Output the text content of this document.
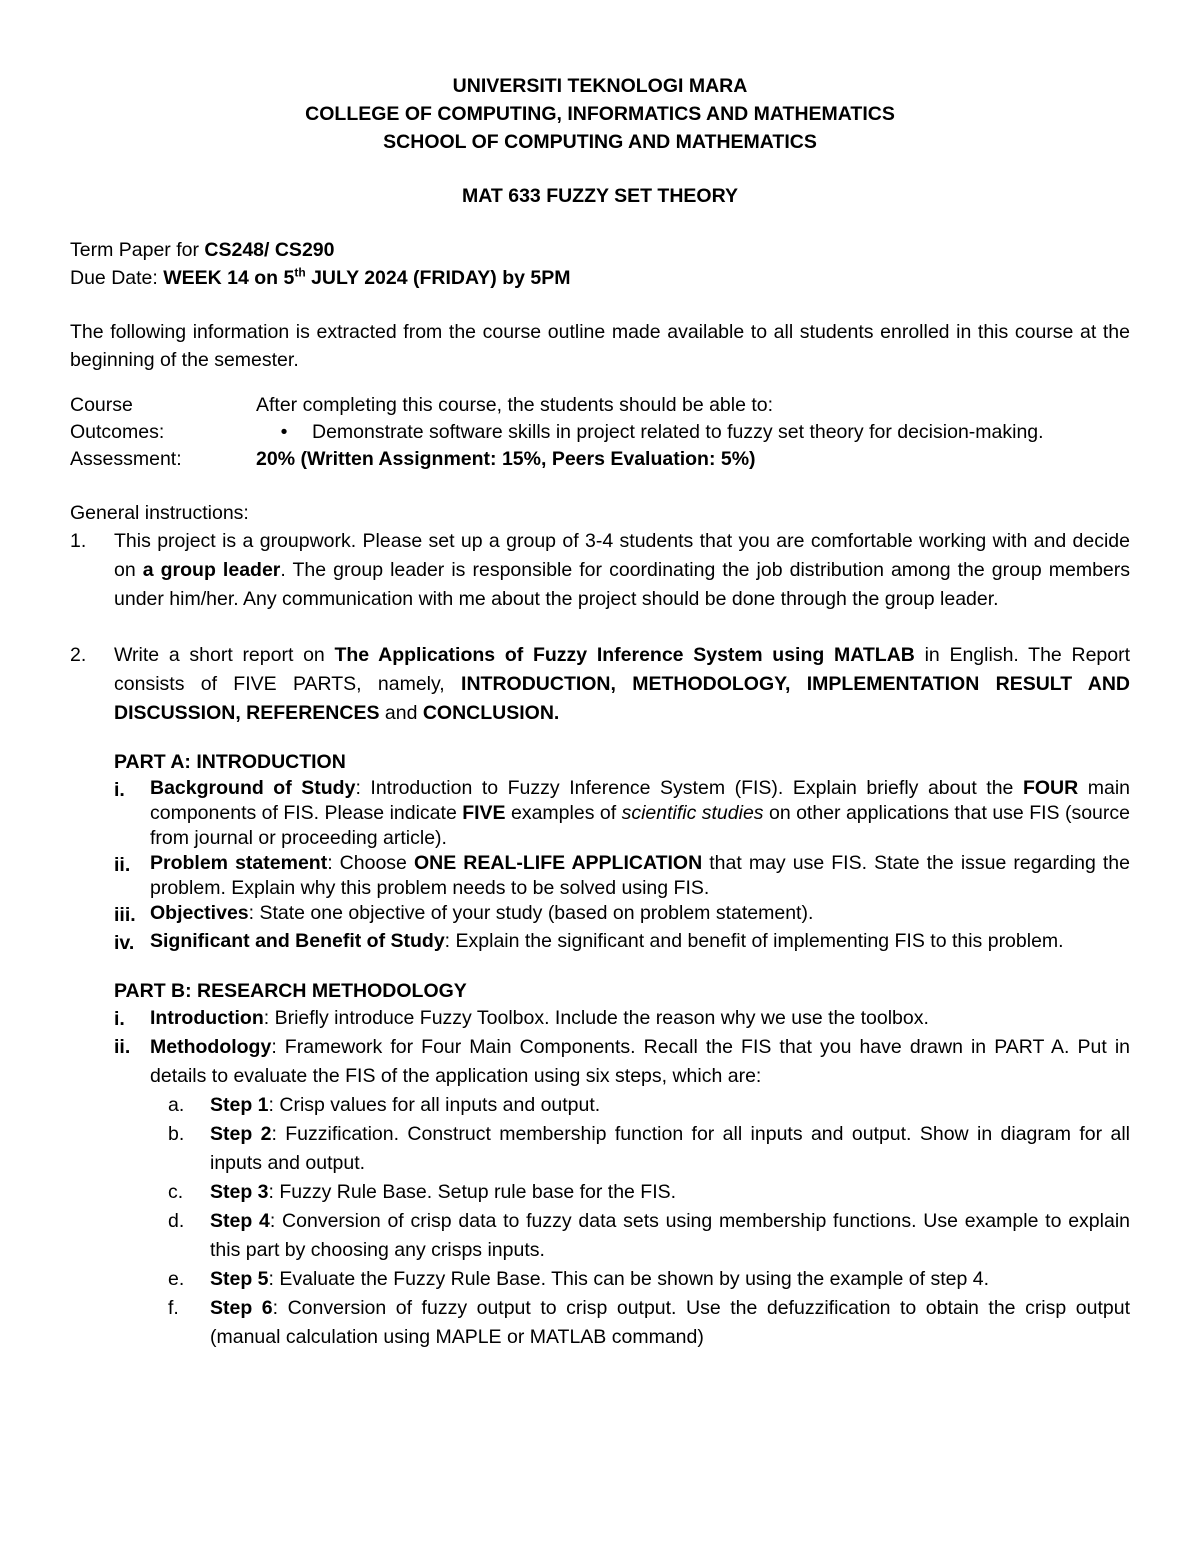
UNIVERSITI TEKNOLOGI MARA
COLLEGE OF COMPUTING, INFORMATICS AND MATHEMATICS
SCHOOL OF COMPUTING AND MATHEMATICS
MAT 633 FUZZY SET THEORY
Term Paper for CS248/ CS290
Due Date: WEEK 14 on 5th JULY 2024 (FRIDAY) by 5PM
The following information is extracted from the course outline made available to all students enrolled in this course at the beginning of the semester.
Course	After completing this course, the students should be able to:
Outcomes:	• Demonstrate software skills in project related to fuzzy set theory for decision-making.

Assessment:	20% (Written Assignment: 15%, Peers Evaluation: 5%)
General instructions:
1.	This project is a groupwork. Please set up a group of 3-4 students that you are comfortable working with and decide on a group leader. The group leader is responsible for coordinating the job distribution among the group members under him/her. Any communication with me about the project should be done through the group leader.
2.	Write a short report on The Applications of Fuzzy Inference System using MATLAB in English. The Report consists of FIVE PARTS, namely, INTRODUCTION, METHODOLOGY, IMPLEMENTATION RESULT AND DISCUSSION, REFERENCES and CONCLUSION.
PART A: INTRODUCTION
i.	Background of Study: Introduction to Fuzzy Inference System (FIS). Explain briefly about the FOUR main components of FIS. Please indicate FIVE examples of scientific studies on other applications that use FIS (source from journal or proceeding article).
ii.	Problem statement: Choose ONE REAL-LIFE APPLICATION that may use FIS. State the issue regarding the problem. Explain why this problem needs to be solved using FIS.
iii. Objectives: State one objective of your study (based on problem statement).
iv. Significant and Benefit of Study: Explain the significant and benefit of implementing FIS to this problem.
PART B: RESEARCH METHODOLOGY
i.	Introduction: Briefly introduce Fuzzy Toolbox. Include the reason why we use the toolbox.
ii.	Methodology: Framework for Four Main Components. Recall the FIS that you have drawn in PART A. Put in details to evaluate the FIS of the application using six steps, which are:
a.	Step 1: Crisp values for all inputs and output.
b.	Step 2: Fuzzification. Construct membership function for all inputs and output. Show in diagram for all inputs and output.
c.	Step 3: Fuzzy Rule Base. Setup rule base for the FIS.
d.	Step 4: Conversion of crisp data to fuzzy data sets using membership functions. Use example to explain this part by choosing any crisps inputs.
e.	Step 5: Evaluate the Fuzzy Rule Base. This can be shown by using the example of step 4.
f.	Step 6: Conversion of fuzzy output to crisp output. Use the defuzzification to obtain the crisp output (manual calculation using MAPLE or MATLAB command)
